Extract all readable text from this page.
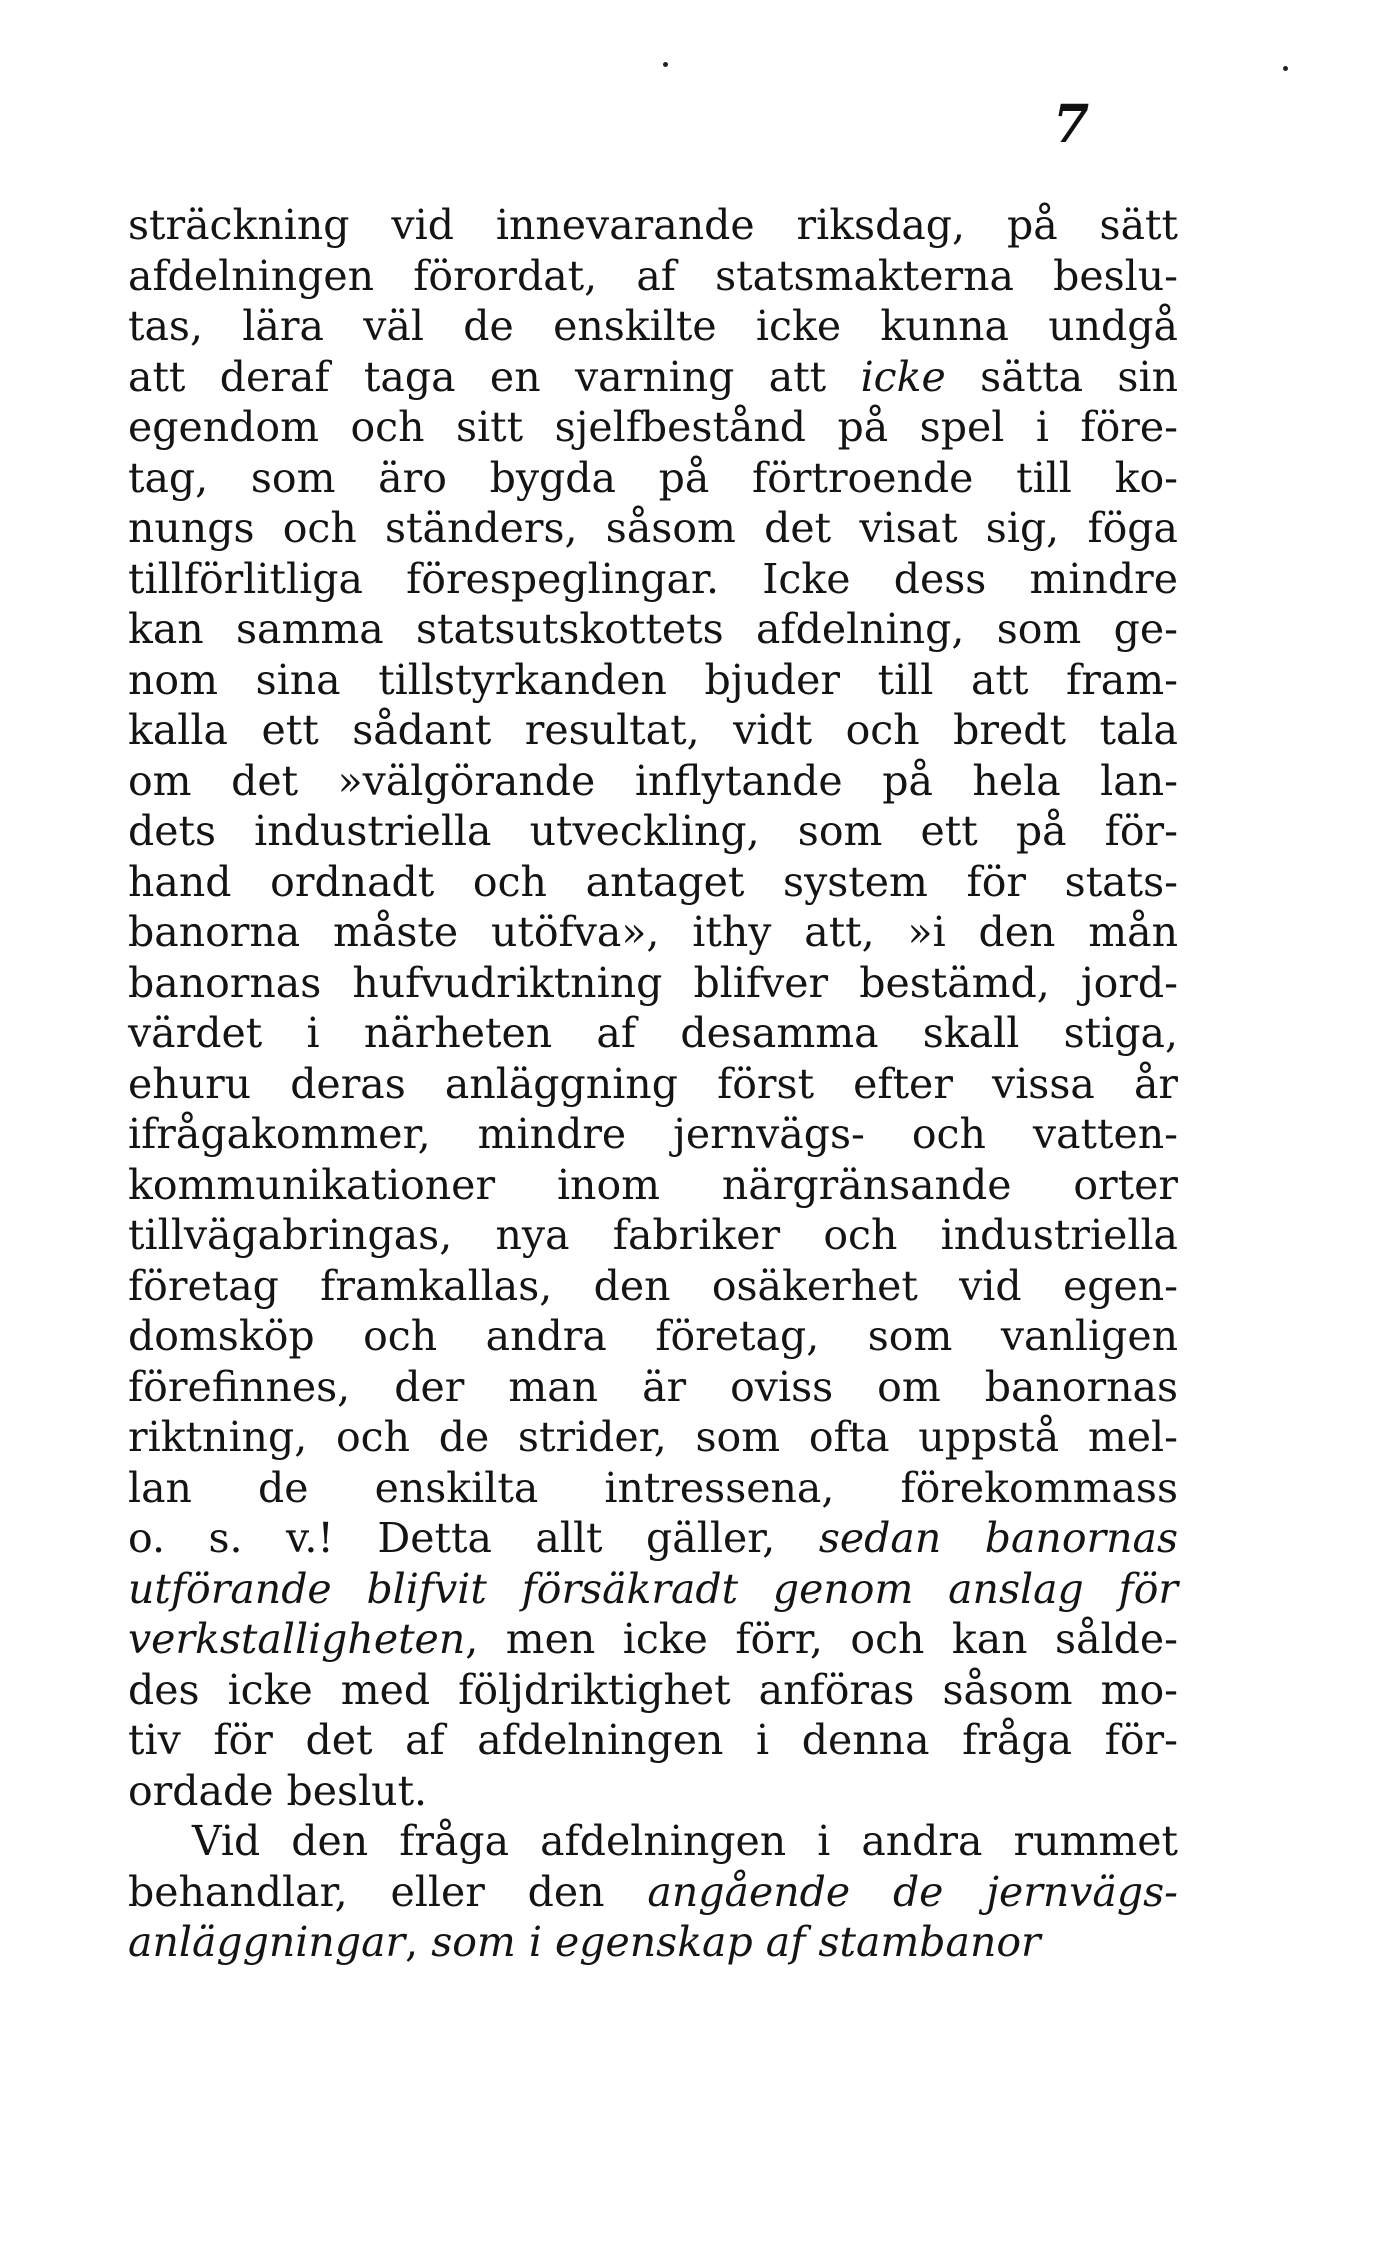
7
sträckning vid innevarande riksdag, på sätt
afdelningen förordat, af statsmakterna beslu-
tas, lära väl de enskilte icke kunna undgå
att deraf taga en varning att icke sätta sin
egendom och sitt sjelfbestånd på spel i före-
tag, som äro bygda på förtroende till ko-
nungs och ständers, såsom det visat sig, föga
tillförlitliga förespeglingar. Icke dess mindre
kan samma statsutskottets afdelning, som ge-
nom sina tillstyrkanden bjuder till att fram-
kalla ett sådant resultat, vidt och bredt tala
om det »välgörande inflytande på hela lan-
dets industriella utveckling, som ett på för-
hand ordnadt och antaget system för stats-
banorna måste utöfva», ithy att, »i den mån
banornas hufvudriktning blifver bestämd, jord-
värdet i närheten af desamma skall stiga,
ehuru deras anläggning först efter vissa år
ifrågakommer, mindre jernvägs- och vatten-
kommunikationer inom närgränsande orter
tillvägabringas, nya fabriker och industriella
företag framkallas, den osäkerhet vid egen-
domsköp och andra företag, som vanligen
förefinnes, der man är oviss om banornas
riktning, och de strider, som ofta uppstå mel-
lan de enskilta intressena, förekommass
o. s. v.! Detta allt gäller, sedan banornas
utförande blifvit försäkradt genom anslag för
verkstalligheten, men icke förr, och kan sålde-
des icke med följdriktighet anföras såsom mo-
tiv för det af afdelningen i denna fråga för-
ordade beslut.
Vid den fråga afdelningen i andra rummet
behandlar, eller den angående de jernvägs-
anläggningar, som i egenskap af stambanor
